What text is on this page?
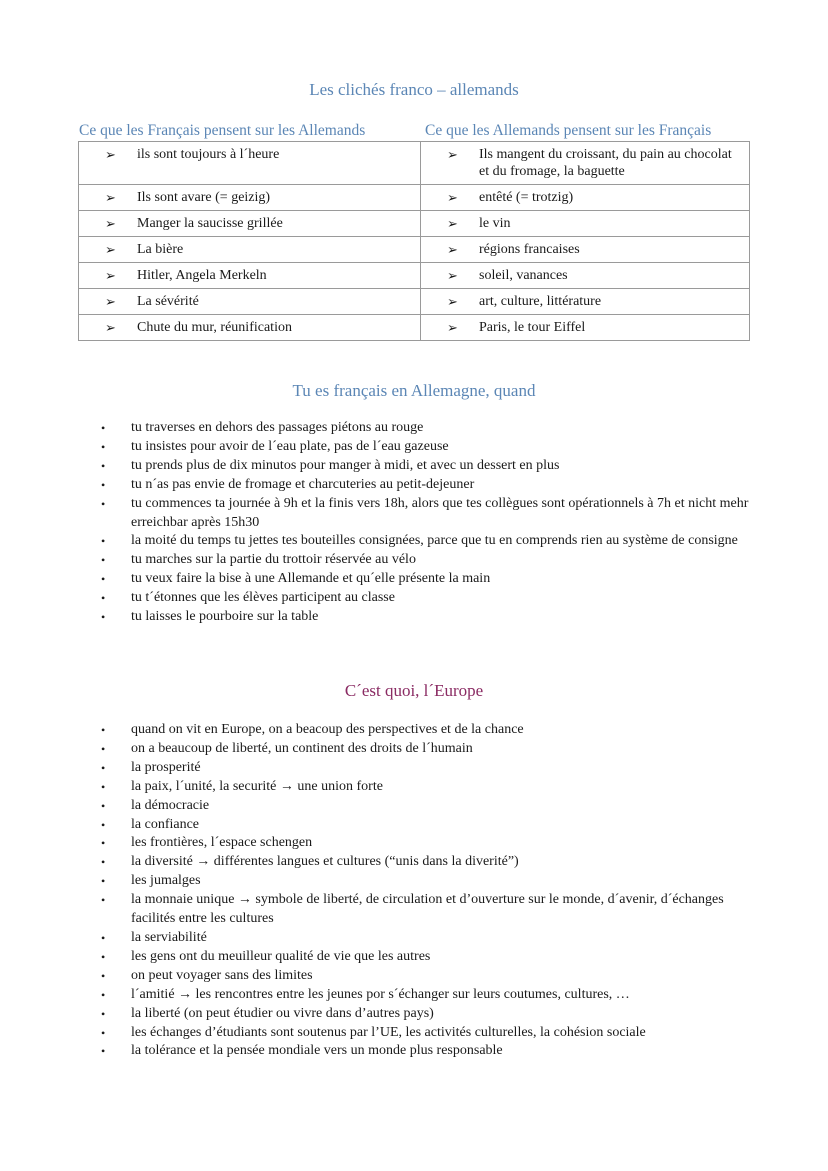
Les clichés franco – allemands
Ce que les Français pensent sur les Allemands	Ce que les Allemands pensent sur les Français
➢ ils sont toujours à l´heure	➢ Ils mangent du croissant, du pain au chocolat et du fromage, la baguette

➢ Ils sont avare (= geizig)	➢ entêté (= trotzig)

➢ Manger la saucisse grillée	➢ le vin

➢ La bière	➢ régions francaises

➢ Hitler, Angela Merkeln	➢ soleil, vanances

➢ La sévérité	➢ art, culture, littérature

➢ Chute du mur, réunification	➢ Paris, le tour Eiffel
Tu es français en Allemagne, quand
•	tu traverses en dehors des passages piétons au rouge
•	tu insistes pour avoir de l´eau plate, pas de l´eau gazeuse
•	tu prends plus de dix minutos pour manger à midi, et avec un dessert en plus
•	tu n´as pas envie de fromage et charcuteries au petit-dejeuner
•	tu commences ta journée à 9h et la finis vers 18h, alors que tes collègues sont opérationnels à 7h et nicht mehr erreichbar après 15h30
•	la moité du temps tu jettes tes bouteilles consignées, parce que tu en comprends rien au système de consigne
•	tu marches sur la partie du trottoir réservée au vélo
•	tu veux faire la bise à une Allemande et qu´elle présente la main
•	tu t´étonnes que les élèves participent au classe
•	tu laisses le pourboire sur la table
C´est quoi, l´Europe
•	quand on vit en Europe, on a beacoup des perspectives et de la chance
•	on a beaucoup de liberté, un continent des droits de l´humain
•	la prosperité
•	la paix, l´unité, la securité → une union forte
•	la démocracie
•	la confiance
•	les frontières, l´espace schengen
•	la diversité → différentes langues et cultures (“unis dans la diverité”)
•	les jumalges
•	la monnaie unique → symbole de liberté, de circulation et d’ouverture sur le monde, d´avenir, d´échanges facilités entre les cultures
•	la serviabilité
•	les gens ont du meuilleur qualité de vie que les autres
•	on peut voyager sans des limites
•	l´amitié → les rencontres entre les jeunes por s´échanger sur leurs coutumes, cultures, …
•	la liberté (on peut étudier ou vivre dans d’autres pays)
•	les échanges d’étudiants sont soutenus par l’UE, les activités culturelles, la cohésion sociale
•	la tolérance et la pensée mondiale vers un monde plus responsable
